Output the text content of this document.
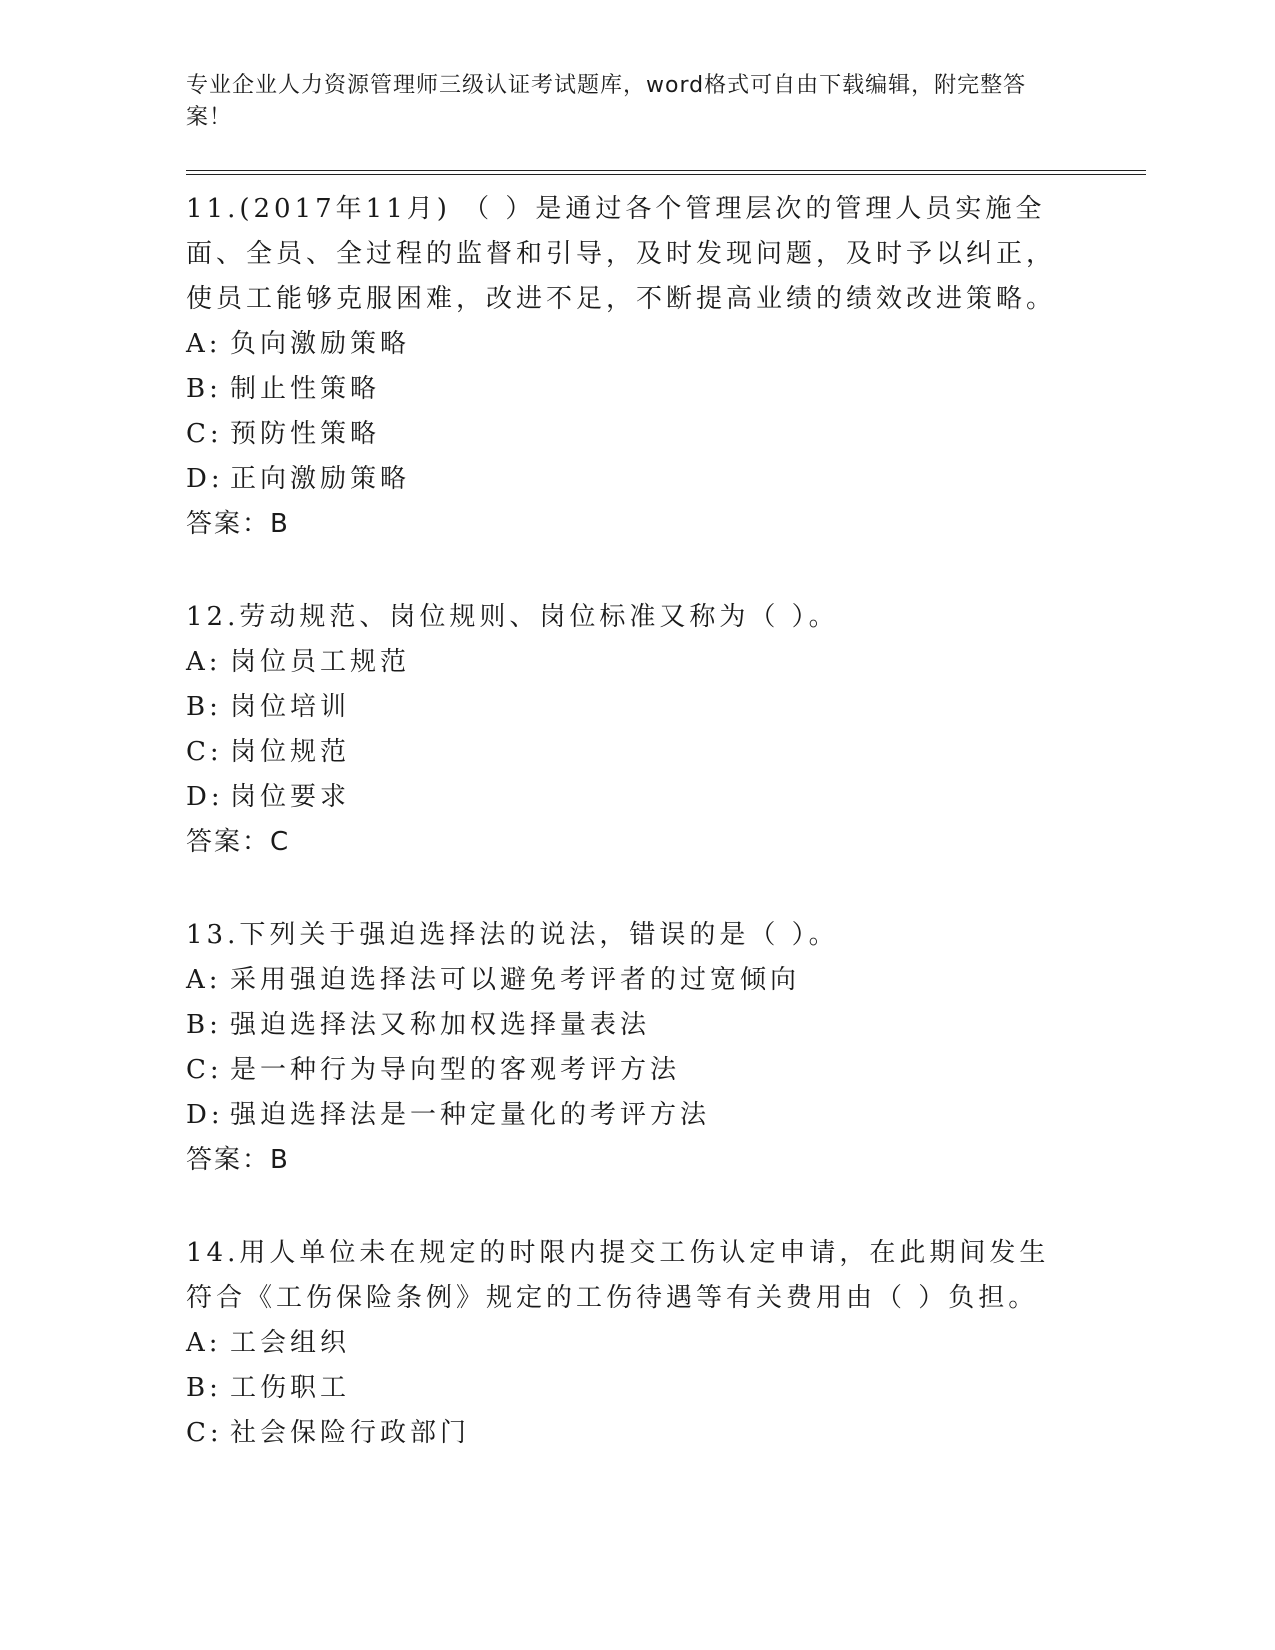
专业企业人力资源管理师三级认证考试题库，word格式可自由下载编辑，附完整答案！
11.(2017年11月) （ ）是通过各个管理层次的管理人员实施全面、全员、全过程的监督和引导，及时发现问题，及时予以纠正，使员工能够克服困难，改进不足，不断提高业绩的绩效改进策略。
A: 负向激励策略
B: 制止性策略
C: 预防性策略
D: 正向激励策略
答案：B
12.劳动规范、岗位规则、岗位标准又称为（ ）。
A: 岗位员工规范
B: 岗位培训
C: 岗位规范
D: 岗位要求
答案：C
13.下列关于强迫选择法的说法，错误的是（ ）。
A: 采用强迫选择法可以避免考评者的过宽倾向
B: 强迫选择法又称加权选择量表法
C: 是一种行为导向型的客观考评方法
D: 强迫选择法是一种定量化的考评方法
答案：B
14.用人单位未在规定的时限内提交工伤认定申请，在此期间发生符合《工伤保险条例》规定的工伤待遇等有关费用由（ ）负担。
A: 工会组织
B: 工伤职工
C: 社会保险行政部门
